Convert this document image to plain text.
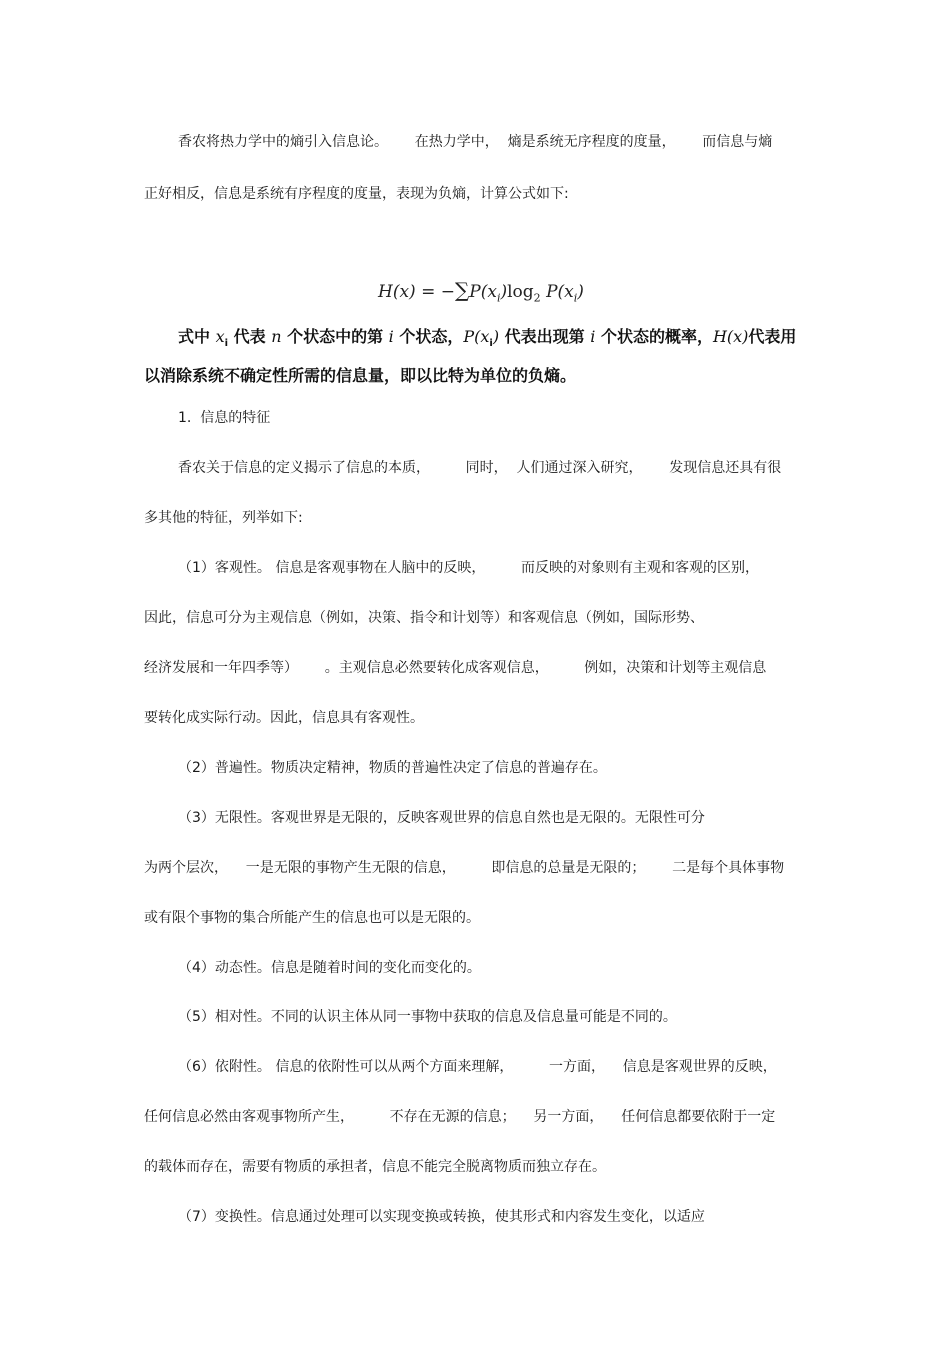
香农将热力学中的熵引入信息论。      在热力学中，  熵是系统无序程度的度量，      而信息与熵
正好相反，信息是系统有序程度的度量，表现为负熵，计算公式如下:
$H(x) = -\sum P(x_i)\log_2$ $P(x_i)$
式中 $x_i$ 代表 n 个状态中的第 i 个状态，$P(x_i)$ 代表出现第 i 个状态的概率，H(x)代表用
以消除系统不确定性所需的信息量，即以比特为单位的负熵。
1.  信息的特征
香农关于信息的定义揭示了信息的本质，        同时，  人们通过深入研究，      发现信息还具有很
多其他的特征，列举如下:
（1）客观性。 信息是客观事物在人脑中的反映，        而反映的对象则有主观和客观的区别，
因此，信息可分为主观信息（例如，决策、指令和计划等）和客观信息（例如，国际形势、
经济发展和一年四季等）      。主观信息必然要转化成客观信息，        例如，决策和计划等主观信息
要转化成实际行动。因此，信息具有客观性。
（2）普遍性。物质决定精神，物质的普遍性决定了信息的普遍存在。
（3）无限性。客观世界是无限的，反映客观世界的信息自然也是无限的。无限性可分
为两个层次，    一是无限的事物产生无限的信息，        即信息的总量是无限的；      二是每个具体事物
或有限个事物的集合所能产生的信息也可以是无限的。
（4）动态性。信息是随着时间的变化而变化的。
（5）相对性。不同的认识主体从同一事物中获取的信息及信息量可能是不同的。
（6）依附性。 信息的依附性可以从两个方面来理解，        一方面，    信息是客观世界的反映，
任何信息必然由客观事物所产生，        不存在无源的信息；    另一方面，    任何信息都要依附于一定
的载体而存在，需要有物质的承担者，信息不能完全脱离物质而独立存在。
（7）变换性。信息通过处理可以实现变换或转换，使其形式和内容发生变化，以适应
